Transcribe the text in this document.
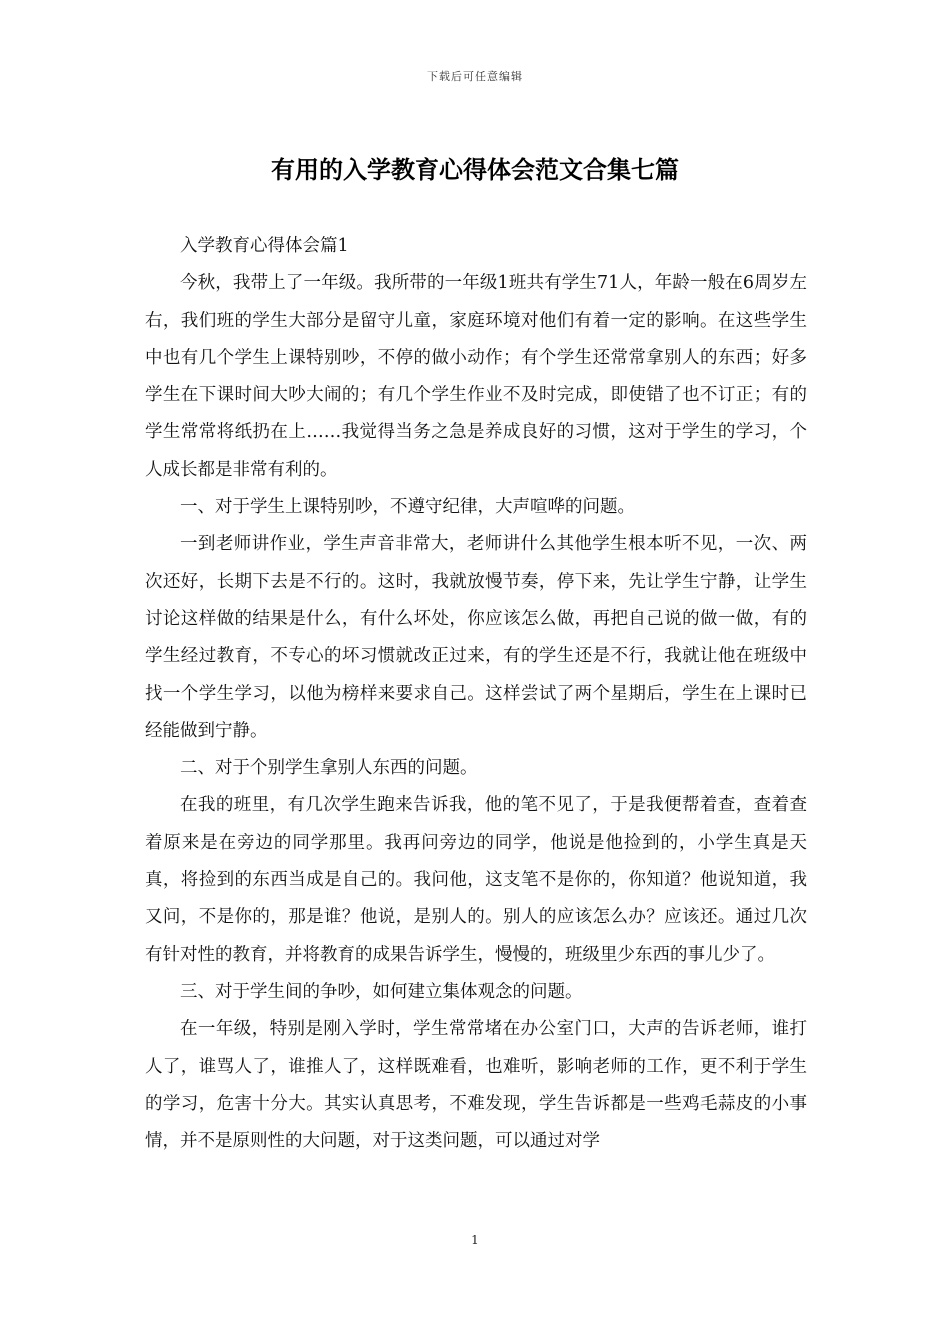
下载后可任意编辑
有用的入学教育心得体会范文合集七篇

入学教育心得体会篇1

今秋，我带上了一年级。我所带的一年级1班共有学生71人，年龄一般在6周岁左右，我们班的学生大部分是留守儿童，家庭环境对他们有着一定的影响。在这些学生中也有几个学生上课特别吵，不停的做小动作；有个学生还常常拿别人的东西；好多学生在下课时间大吵大闹的；有几个学生作业不及时完成，即使错了也不订正；有的学生常常将纸扔在上……我觉得当务之急是养成良好的习惯，这对于学生的学习，个人成长都是非常有利的。

一、对于学生上课特别吵，不遵守纪律，大声喧哗的问题。

一到老师讲作业，学生声音非常大，老师讲什么其他学生根本听不见，一次、两次还好，长期下去是不行的。这时，我就放慢节奏，停下来，先让学生宁静，让学生讨论这样做的结果是什么，有什么坏处，你应该怎么做，再把自己说的做一做，有的学生经过教育，不专心的坏习惯就改正过来，有的学生还是不行，我就让他在班级中找一个学生学习，以他为榜样来要求自己。这样尝试了两个星期后，学生在上课时已经能做到宁静。

二、对于个别学生拿别人东西的问题。

在我的班里，有几次学生跑来告诉我，他的笔不见了，于是我便帮着查，查着查着原来是在旁边的同学那里。我再问旁边的同学，他说是他捡到的，小学生真是天真，将捡到的东西当成是自己的。我问他，这支笔不是你的，你知道？他说知道，我又问，不是你的，那是谁？他说，是别人的。别人的应该怎么办？应该还。通过几次有针对性的教育，并将教育的成果告诉学生，慢慢的，班级里少东西的事儿少了。

三、对于学生间的争吵，如何建立集体观念的问题。

在一年级，特别是刚入学时，学生常常堵在办公室门口，大声的告诉老师，谁打人了，谁骂人了，谁推人了，这样既难看，也难听，影响老师的工作，更不利于学生的学习，危害十分大。其实认真思考，不难发现，学生告诉都是一些鸡毛蒜皮的小事情，并不是原则性的大问题，对于这类问题，可以通过对学

1
